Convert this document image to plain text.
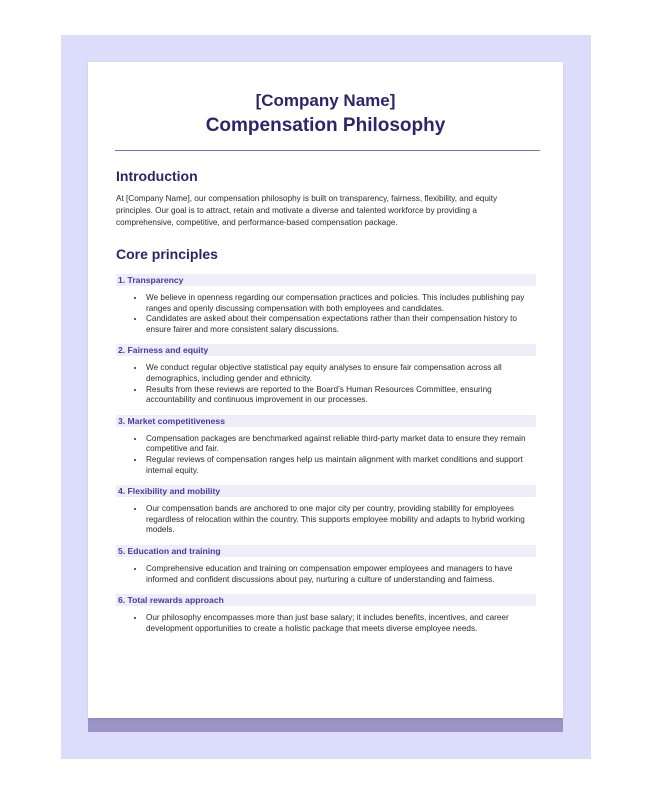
[Company Name]
Compensation Philosophy
Introduction

At [Company Name], our compensation philosophy is built on transparency, fairness, flexibility, and equity principles. Our goal is to attract, retain and motivate a diverse and talented workforce by providing a comprehensive, competitive, and performance-based compensation package.

Core principles
1. Transparency
• We believe in openness regarding our compensation practices and policies. This includes publishing pay ranges and openly discussing compensation with both employees and candidates.
• Candidates are asked about their compensation expectations rather than their compensation history to ensure fairer and more consistent salary discussions.
2. Fairness and equity
• We conduct regular objective statistical pay equity analyses to ensure fair compensation across all demographics, including gender and ethnicity.
• Results from these reviews are reported to the Board’s Human Resources Committee, ensuring accountability and continuous improvement in our processes.
3. Market competitiveness
• Compensation packages are benchmarked against reliable third-party market data to ensure they remain competitive and fair.
• Regular reviews of compensation ranges help us maintain alignment with market conditions and support internal equity.
4. Flexibility and mobility
• Our compensation bands are anchored to one major city per country, providing stability for employees regardless of relocation within the country. This supports employee mobility and adapts to hybrid working models.
5. Education and training
• Comprehensive education and training on compensation empower employees and managers to have informed and confident discussions about pay, nurturing a culture of understanding and fairness.
6. Total rewards approach
• Our philosophy encompasses more than just base salary; it includes benefits, incentives, and career development opportunities to create a holistic package that meets diverse employee needs.
